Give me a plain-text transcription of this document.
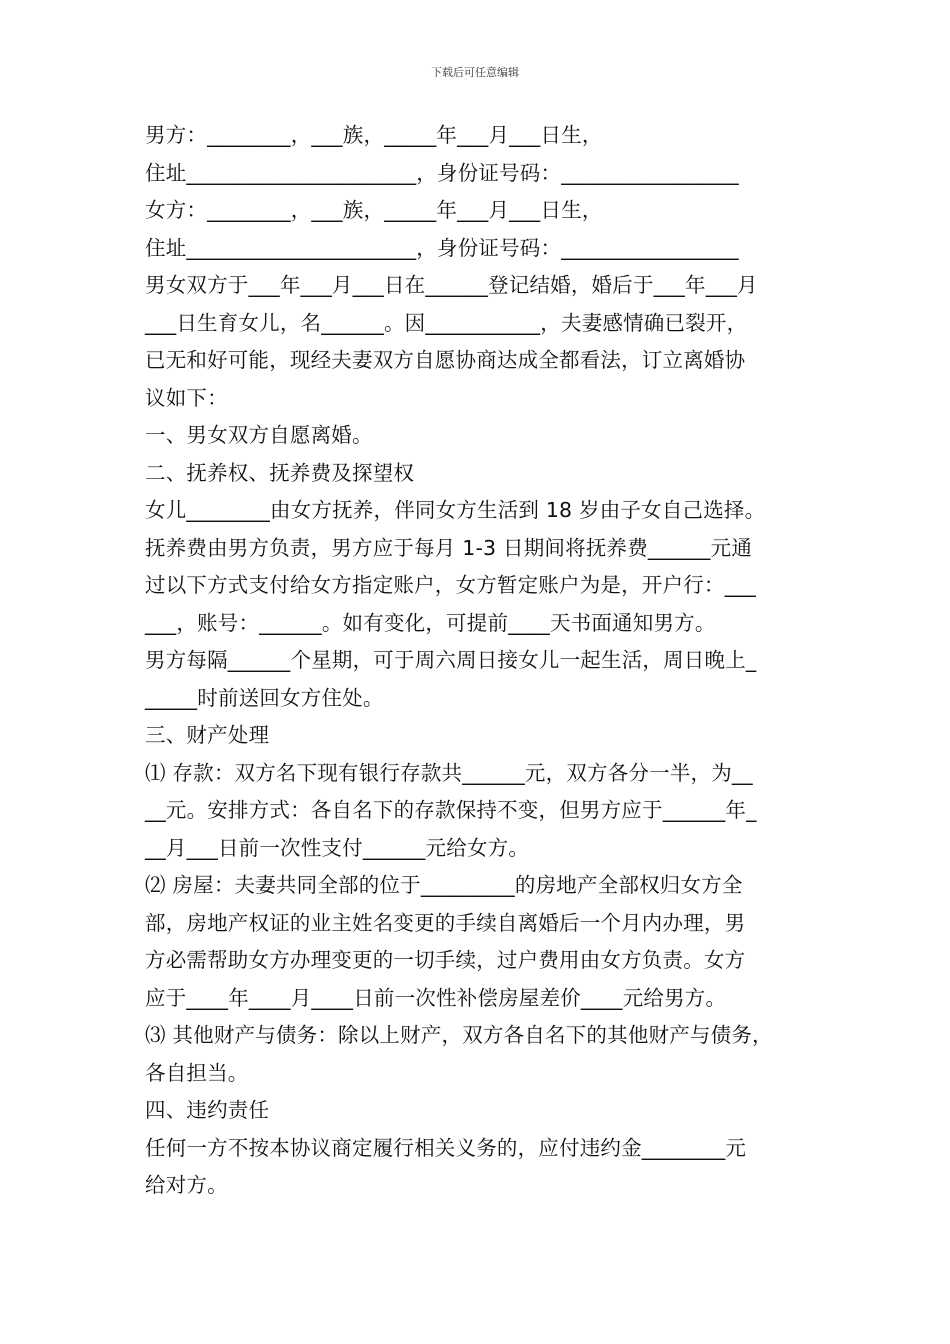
下载后可任意编辑
男方：________，___族，_____年___月___日生，
住址______________________，身份证号码：_________________
女方：________，___族，_____年___月___日生，
住址______________________，身份证号码：_________________
男女双方于___年___月___日在______登记结婚，婚后于___年___月
___日生育女儿，名______。因___________，夫妻感情确已裂开，
已无和好可能，现经夫妻双方自愿协商达成全都看法，订立离婚协
议如下：
一、男女双方自愿离婚。
二、抚养权、抚养费及探望权
女儿________由女方抚养，伴同女方生活到 18 岁由子女自己选择。
抚养费由男方负责，男方应于每月 1-3 日期间将抚养费______元通
过以下方式支付给女方指定账户，女方暂定账户为是，开户行：___
___，账号：______。如有变化，可提前____天书面通知男方。
男方每隔______个星期，可于周六周日接女儿一起生活，周日晚上_
_____时前送回女方住处。
三、财产处理
⑴ 存款：双方名下现有银行存款共______元，双方各分一半，为__
__元。安排方式：各自名下的存款保持不变，但男方应于______年_
__月___日前一次性支付______元给女方。
⑵ 房屋：夫妻共同全部的位于_________的房地产全部权归女方全
部，房地产权证的业主姓名变更的手续自离婚后一个月内办理，男
方必需帮助女方办理变更的一切手续，过户费用由女方负责。女方
应于____年____月____日前一次性补偿房屋差价____元给男方。
⑶ 其他财产与债务：除以上财产，双方各自名下的其他财产与债务，
各自担当。
四、违约责任
任何一方不按本协议商定履行相关义务的，应付违约金________元
给对方。
